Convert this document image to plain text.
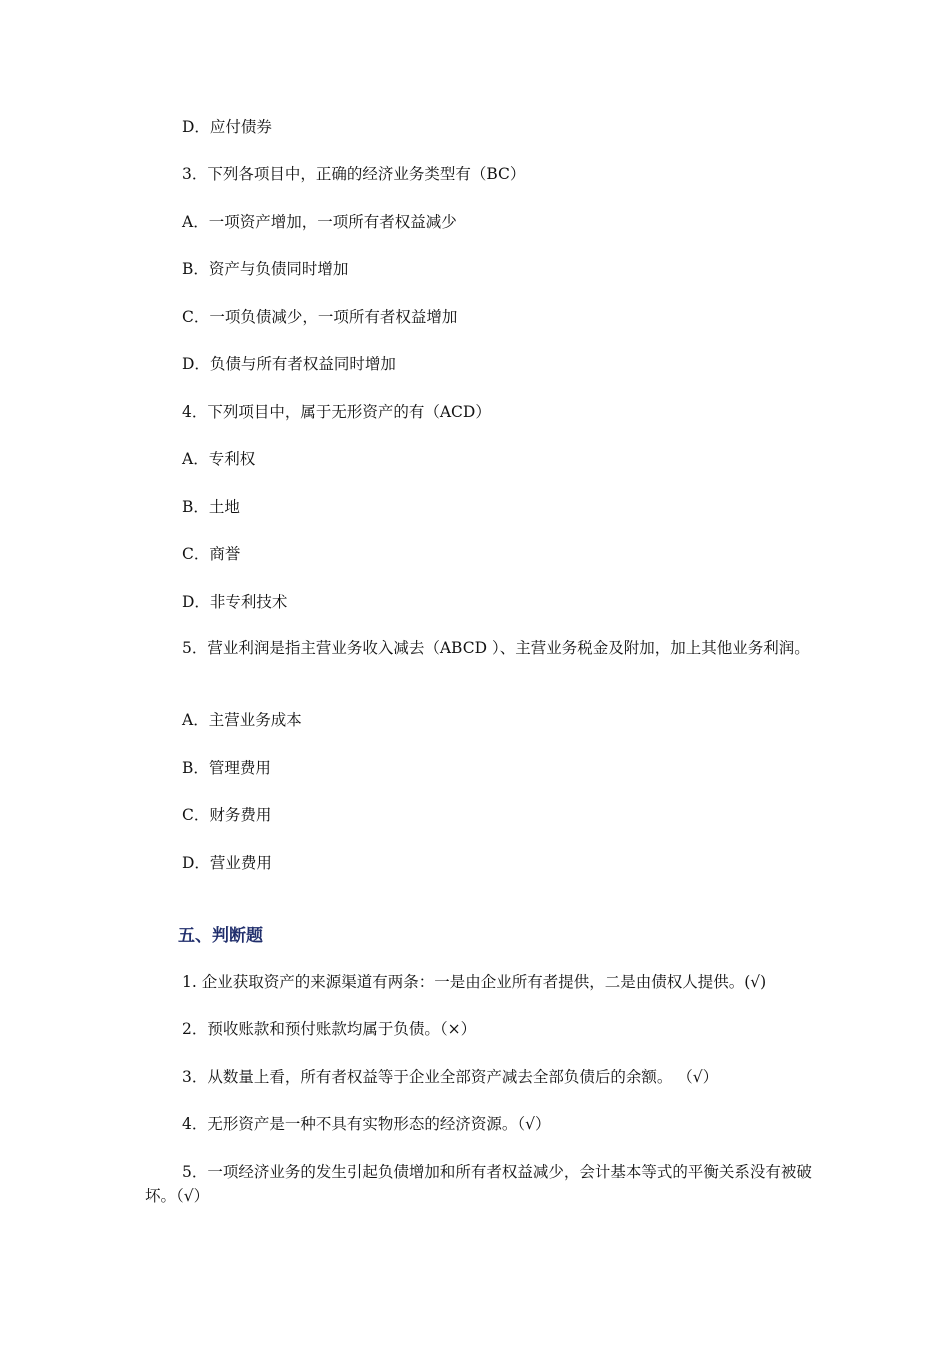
D．应付债券

3．下列各项目中，正确的经济业务类型有（BC）

A．一项资产增加，一项所有者权益减少

B．资产与负债同时增加

C．一项负债减少，一项所有者权益增加

D．负债与所有者权益同时增加

4．下列项目中，属于无形资产的有（ACD）

A．专利权

B．土地

C．商誉

D．非专利技术

5．营业利润是指主营业务收入减去（ABCD ）、主营业务税金及附加，加上其他业务利润。

A．主营业务成本

B．管理费用

C．财务费用

D．营业费用

五、判断题

1. 企业获取资产的来源渠道有两条：一是由企业所有者提供，二是由债权人提供。(√)

2．预收账款和预付账款均属于负债。（×）

3．从数量上看，所有者权益等于企业全部资产减去全部负债后的余额。 （√）

4．无形资产是一种不具有实物形态的经济资源。（√）

5．一项经济业务的发生引起负债增加和所有者权益减少，会计基本等式的平衡关系没有被破坏。（√）
